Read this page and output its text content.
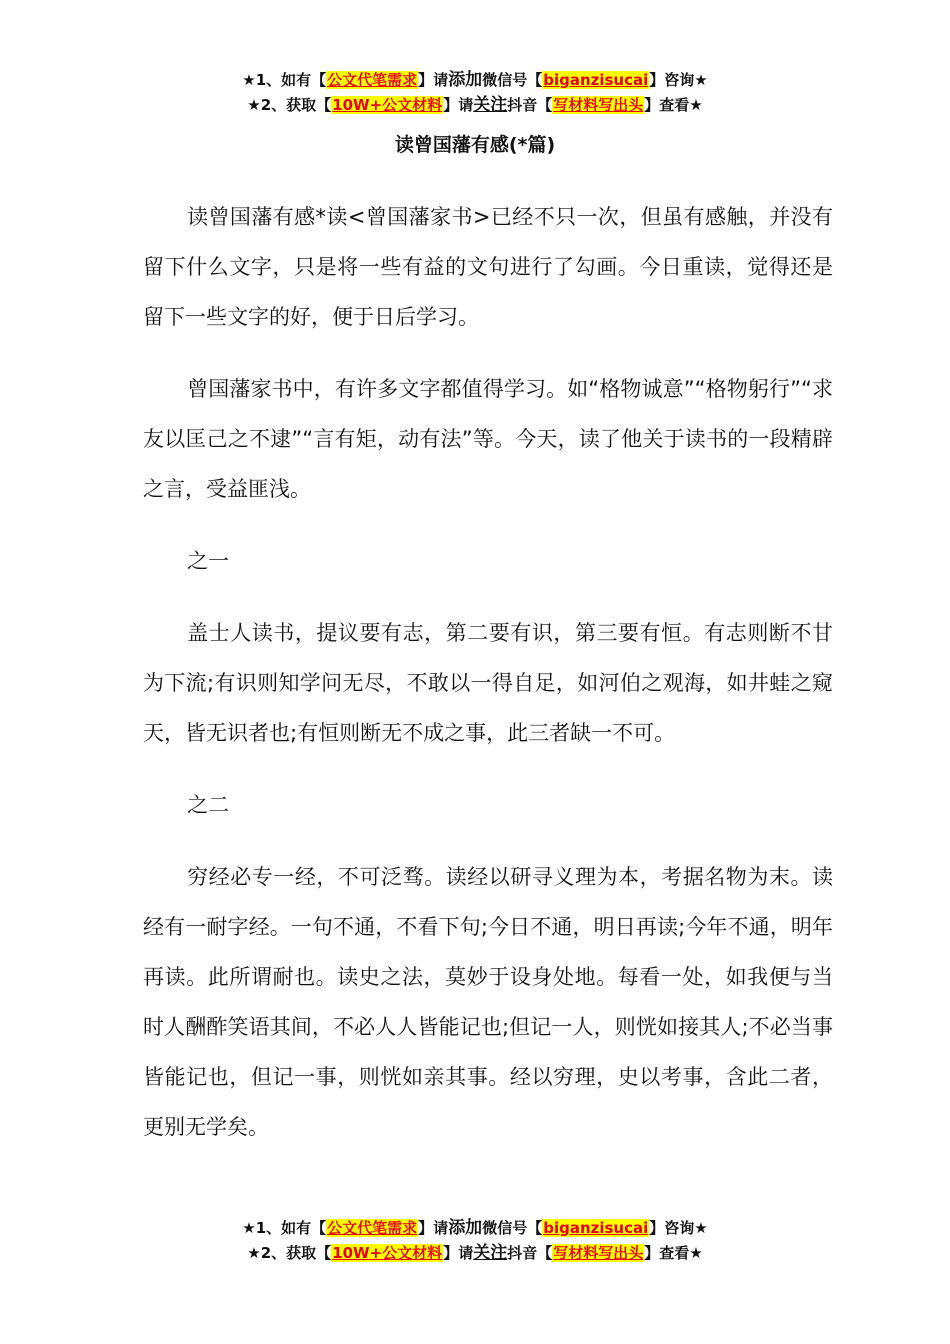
★1、如有【公文代笔需求】请添加微信号【biganzisucai】咨询★
★2、获取【10W+公文材料】请关注抖音【写材料写出头】查看★
读曾国藩有感(*篇)

读曾国藩有感*读<曾国藩家书>已经不只一次，但虽有感触，并没有留下什么文字，只是将一些有益的文句进行了勾画。今日重读，觉得还是留下一些文字的好，便于日后学习。

曾国藩家书中，有许多文字都值得学习。如“格物诚意”“格物躬行”“求友以匡己之不逮”“言有矩，动有法”等。今天，读了他关于读书的一段精辟之言，受益匪浅。

之一

盖士人读书，提议要有志，第二要有识，第三要有恒。有志则断不甘为下流;有识则知学问无尽，不敢以一得自足，如河伯之观海，如井蛙之窥天，皆无识者也;有恒则断无不成之事，此三者缺一不可。

之二

穷经必专一经，不可泛骛。读经以研寻义理为本，考据名物为末。读经有一耐字经。一句不通，不看下句;今日不通，明日再读;今年不通，明年再读。此所谓耐也。读史之法，莫妙于设身处地。每看一处，如我便与当时人酬酢笑语其间，不必人人皆能记也;但记一人，则恍如接其人;不必当事皆能记也，但记一事，则恍如亲其事。经以穷理，史以考事，含此二者，更别无学矣。

★1、如有【公文代笔需求】请添加微信号【biganzisucai】咨询★
★2、获取【10W+公文材料】请关注抖音【写材料写出头】查看★
